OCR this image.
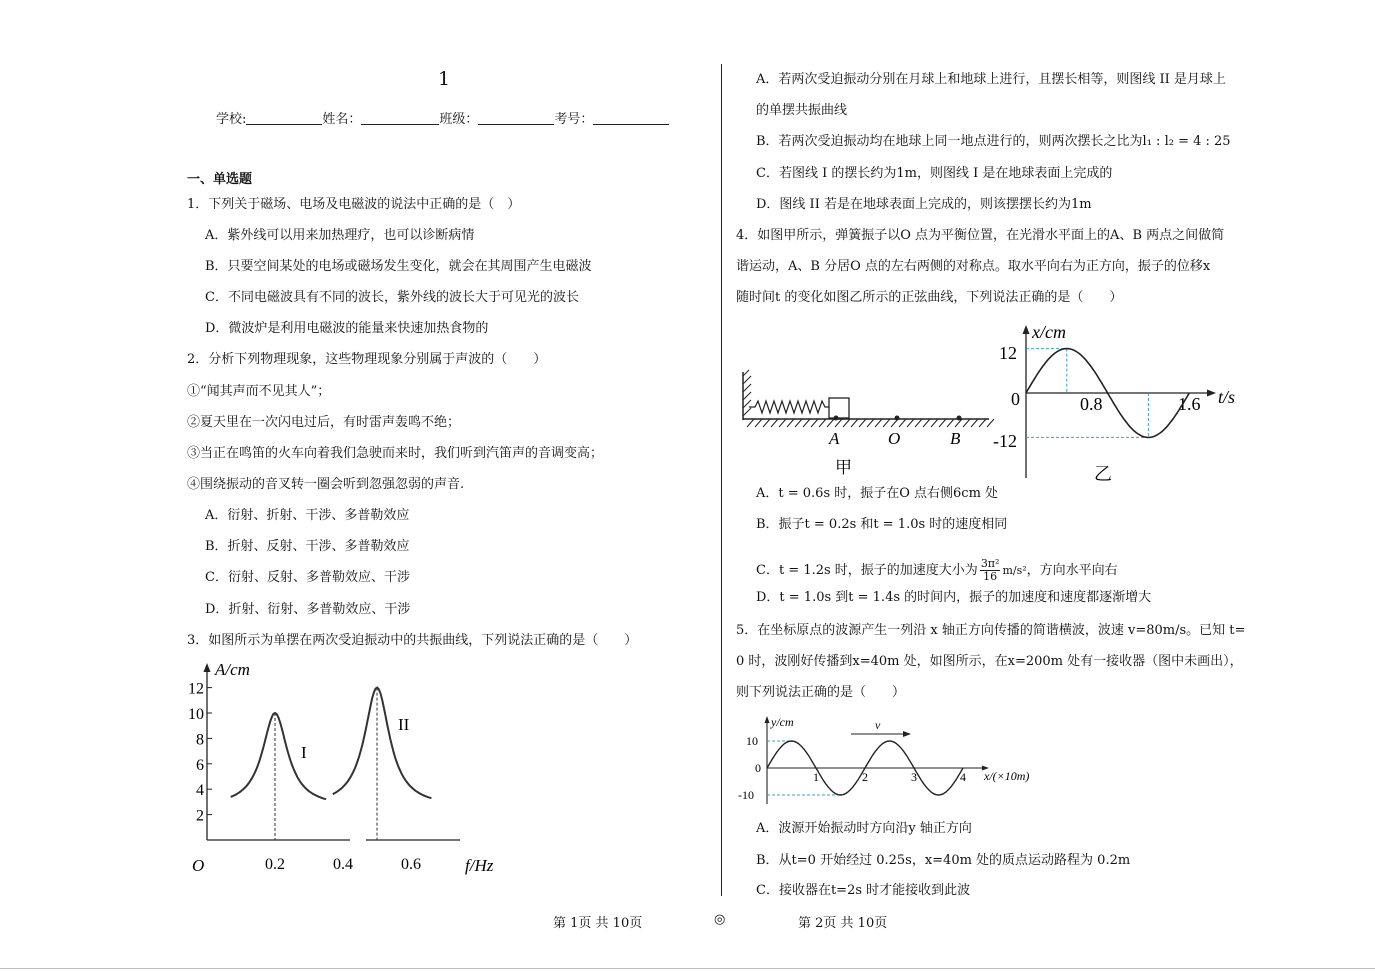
1
学校:	姓名：	班级：	考号：
一、单选题
1．下列关于磁场、电场及电磁波的说法中正确的是（　）
A．紫外线可以用来加热理疗，也可以诊断病情
B．只要空间某处的电场或磁场发生变化，就会在其周围产生电磁波
C．不同电磁波具有不同的波长，紫外线的波长大于可见光的波长
D．微波炉是利用电磁波的能量来快速加热食物的
2．分析下列物理现象，这些物理现象分别属于声波的（　　）
①“闻其声而不见其人”；
②夏天里在一次闪电过后，有时雷声轰鸣不绝；
③当正在鸣笛的火车向着我们急驶而来时，我们听到汽笛声的音调变高；
④围绕振动的音叉转一圈会听到忽强忽弱的声音.
A．衍射、折射、干涉、多普勒效应
B．折射、反射、干涉、多普勒效应
C．衍射、反射、多普勒效应、干涉
D．折射、衍射、多普勒效应、干涉
3．如图所示为单摆在两次受迫振动中的共振曲线，下列说法正确的是（　　）
A/cm
f/Hz
O
2
4
6
8
10
12
0.2	0.4	0.6
I
II
A．若两次受迫振动分别在月球上和地球上进行，且摆长相等，则图线 II 是月球上
的单摆共振曲线
B．若两次受迫振动均在地球上同一地点进行的，则两次摆长之比为l₁ : l₂ = 4 : 25
C．若图线 I 的摆长约为1m，则图线 I 是在地球表面上完成的
D．图线 II 若是在地球表面上完成的，则该摆摆长约为1m
4．如图甲所示，弹簧振子以O 点为平衡位置，在光滑水平面上的A、B 两点之间做简
谐运动，A、B 分居O 点的左右两侧的对称点。取水平向右为正方向，振子的位移x
随时间t 的变化如图乙所示的正弦曲线，下列说法正确的是（　　）
A	O	B
甲
x/cm
t/s
0
12
-12
0.8	1.6
乙
A．t = 0.6s 时，振子在O 点右侧6cm 处
B．振子t = 0.2s 和t = 1.0s 时的速度相同
C．t = 1.2s 时，振子的加速度大小为 $\frac{\text{3π²}}{16} m/s^2$，方向水平向右
D．t = 1.0s 到t = 1.4s 的时间内，振子的加速度和速度都逐渐增大
5．在坐标原点的波源产生一列沿 x 轴正方向传播的简谐横波，波速 v=80m/s。已知 t=
0 时，波刚好传播到x=40m 处，如图所示，在x=200m 处有一接收器（图中未画出），
则下列说法正确的是（　　）
y/cm
x/(×10m)
0
10
-10
1	2	3	4
v
A．波源开始振动时方向沿y 轴正方向
B．从t=0 开始经过 0.25s，x=40m 处的质点运动路程为 0.2m
C．接收器在t=2s 时才能接收到此波
第 1页 共 10页	◎	第 2页 共 10页
